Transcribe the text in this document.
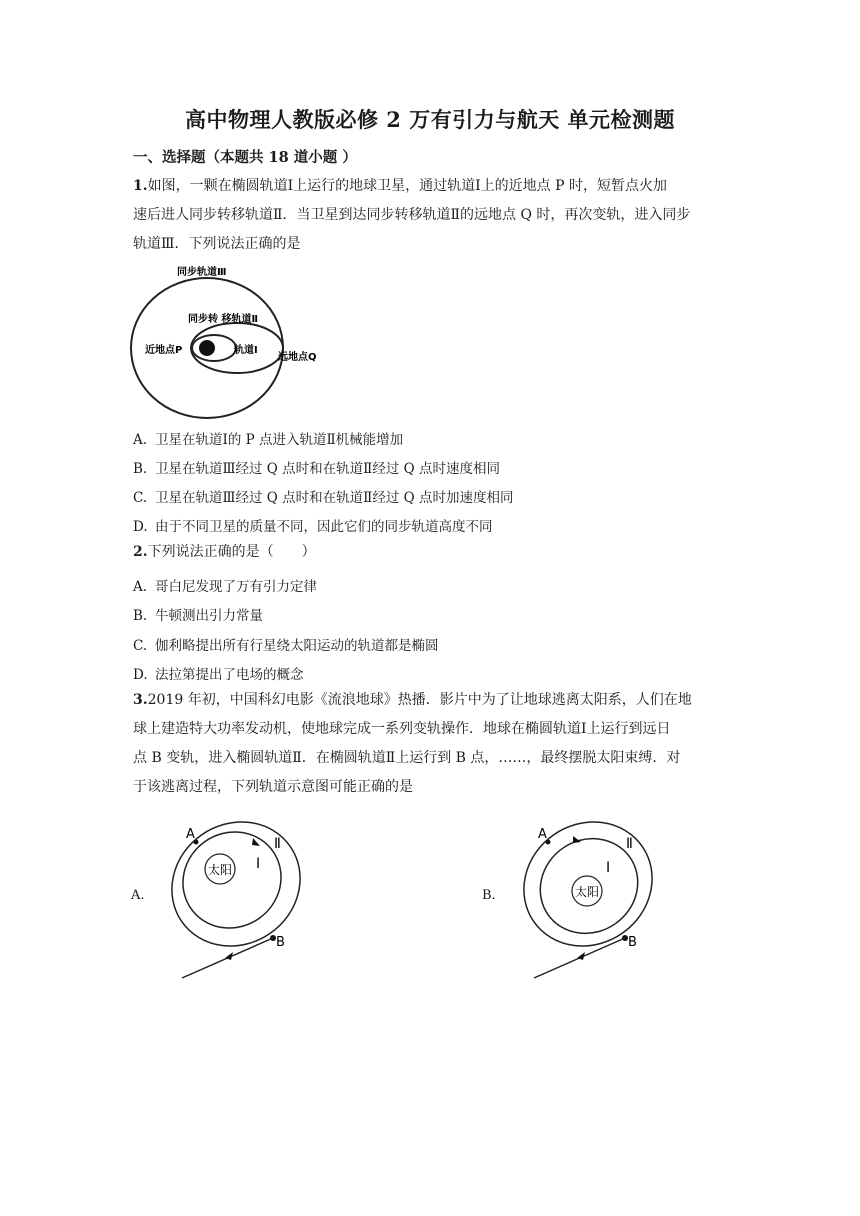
高中物理人教版必修 2 万有引力与航天 单元检测题
一、选择题（本题共 18 道小题 ）
1.如图，一颗在椭圆轨道Ⅰ上运行的地球卫星，通过轨道Ⅰ上的近地点 P 时，短暂点火加
速后进人同步转移轨道Ⅱ．当卫星到达同步转移轨道Ⅱ的远地点 Q 时，再次变轨，进入同步
轨道Ⅲ．下列说法正确的是
同步轨道Ⅲ
同步转 移轨道Ⅱ
近地点P	轨道Ⅰ
远地点Q
A. 卫星在轨道Ⅰ的 P 点进入轨道Ⅱ机械能增加
B. 卫星在轨道Ⅲ经过 Q 点时和在轨道Ⅱ经过 Q 点时速度相同
C. 卫星在轨道Ⅲ经过 Q 点时和在轨道Ⅱ经过 Q 点时加速度相同
D. 由于不同卫星的质量不同，因此它们的同步轨道高度不同
2.下列说法正确的是（　　）
A. 哥白尼发现了万有引力定律
B. 牛顿测出引力常量
C. 伽利略提出所有行星绕太阳运动的轨道都是椭圆
D. 法拉第提出了电场的概念
3.2019 年初，中国科幻电影《流浪地球》热播．影片中为了让地球逃离太阳系，人们在地
球上建造特大功率发动机，使地球完成一系列变轨操作．地球在椭圆轨道Ⅰ上运行到远日
点 B 变轨，进入椭圆轨道Ⅱ．在椭圆轨道Ⅱ上运行到 B 点，……，最终摆脱太阳束缚．对
于该逃离过程，下列轨道示意图可能正确的是
A.
太阳
A
B
Ⅰ
Ⅱ
B.	太阳
A
B
Ⅰ
Ⅱ
